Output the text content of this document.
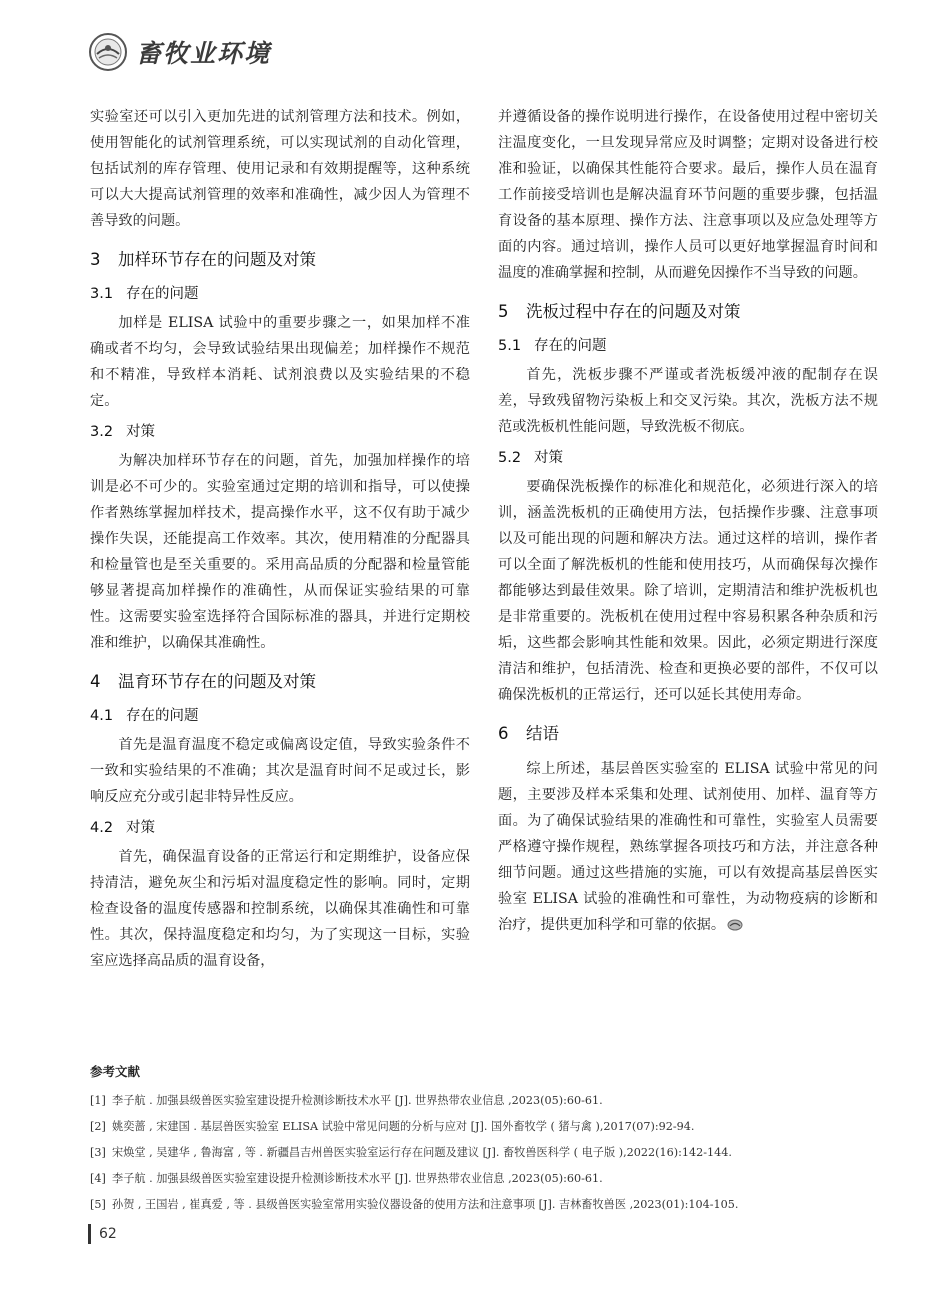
畜牧业环境

实验室还可以引入更加先进的试剂管理方法和技术。例如，使用智能化的试剂管理系统，可以实现试剂的自动化管理，包括试剂的库存管理、使用记录和有效期提醒等，这种系统可以大大提高试剂管理的效率和准确性，减少因人为管理不善导致的问题。

3 加样环节存在的问题及对策
3.1 存在的问题

加样是 ELISA 试验中的重要步骤之一，如果加样不准确或者不均匀，会导致试验结果出现偏差；加样操作不规范和不精准，导致样本消耗、试剂浪费以及实验结果的不稳定。

3.2 对策

为解决加样环节存在的问题，首先，加强加样操作的培训是必不可少的。实验室通过定期的培训和指导，可以使操作者熟练掌握加样技术，提高操作水平，这不仅有助于减少操作失误，还能提高工作效率。其次，使用精准的分配器具和检量管也是至关重要的。采用高品质的分配器和检量管能够显著提高加样操作的准确性，从而保证实验结果的可靠性。这需要实验室选择符合国际标准的器具，并进行定期校准和维护，以确保其准确性。

4 温育环节存在的问题及对策
4.1 存在的问题

首先是温育温度不稳定或偏离设定值，导致实验条件不一致和实验结果的不准确；其次是温育时间不足或过长，影响反应充分或引起非特异性反应。

4.2 对策

首先，确保温育设备的正常运行和定期维护，设备应保持清洁，避免灰尘和污垢对温度稳定性的影响。同时，定期检查设备的温度传感器和控制系统，以确保其准确性和可靠性。其次，保持温度稳定和均匀，为了实现这一目标，实验室应选择高品质的温育设备，

并遵循设备的操作说明进行操作，在设备使用过程中密切关注温度变化，一旦发现异常应及时调整；定期对设备进行校准和验证，以确保其性能符合要求。最后，操作人员在温育工作前接受培训也是解决温育环节问题的重要步骤，包括温育设备的基本原理、操作方法、注意事项以及应急处理等方面的内容。通过培训，操作人员可以更好地掌握温育时间和温度的准确掌握和控制，从而避免因操作不当导致的问题。

5 洗板过程中存在的问题及对策
5.1 存在的问题

首先，洗板步骤不严谨或者洗板缓冲液的配制存在误差，导致残留物污染板上和交叉污染。其次，洗板方法不规范或洗板机性能问题，导致洗板不彻底。

5.2 对策

要确保洗板操作的标准化和规范化，必须进行深入的培训，涵盖洗板机的正确使用方法，包括操作步骤、注意事项以及可能出现的问题和解决方法。通过这样的培训，操作者可以全面了解洗板机的性能和使用技巧，从而确保每次操作都能够达到最佳效果。除了培训，定期清洁和维护洗板机也是非常重要的。洗板机在使用过程中容易积累各种杂质和污垢，这些都会影响其性能和效果。因此，必须定期进行深度清洁和维护，包括清洗、检查和更换必要的部件，不仅可以确保洗板机的正常运行，还可以延长其使用寿命。

6 结语

综上所述，基层兽医实验室的 ELISA 试验中常见的问题，主要涉及样本采集和处理、试剂使用、加样、温育等方面。为了确保试验结果的准确性和可靠性，实验室人员需要严格遵守操作规程，熟练掌握各项技巧和方法，并注意各种细节问题。通过这些措施的实施，可以有效提高基层兽医实验室 ELISA 试验的准确性和可靠性，为动物疫病的诊断和治疗，提供更加科学和可靠的依据。

参考文献
[1] 李子航 . 加强县级兽医实验室建设提升检测诊断技术水平 [J]. 世界热带农业信息 ,2023(05):60-61.
[2] 姚奕蔷 , 宋建国 . 基层兽医实验室 ELISA 试验中常见问题的分析与应对 [J]. 国外畜牧学 ( 猪与禽 ),2017(07):92-94.
[3] 宋焕堂 , 吴建华 , 鲁海富 , 等 . 新疆昌吉州兽医实验室运行存在问题及建议 [J]. 畜牧兽医科学 ( 电子版 ),2022(16):142-144.
[4] 李子航 . 加强县级兽医实验室建设提升检测诊断技术水平 [J]. 世界热带农业信息 ,2023(05):60-61.
[5] 孙贺 , 王国岩 , 崔真爱 , 等 . 县级兽医实验室常用实验仪器设备的使用方法和注意事项 [J]. 吉林畜牧兽医 ,2023(01):104-105.
62
